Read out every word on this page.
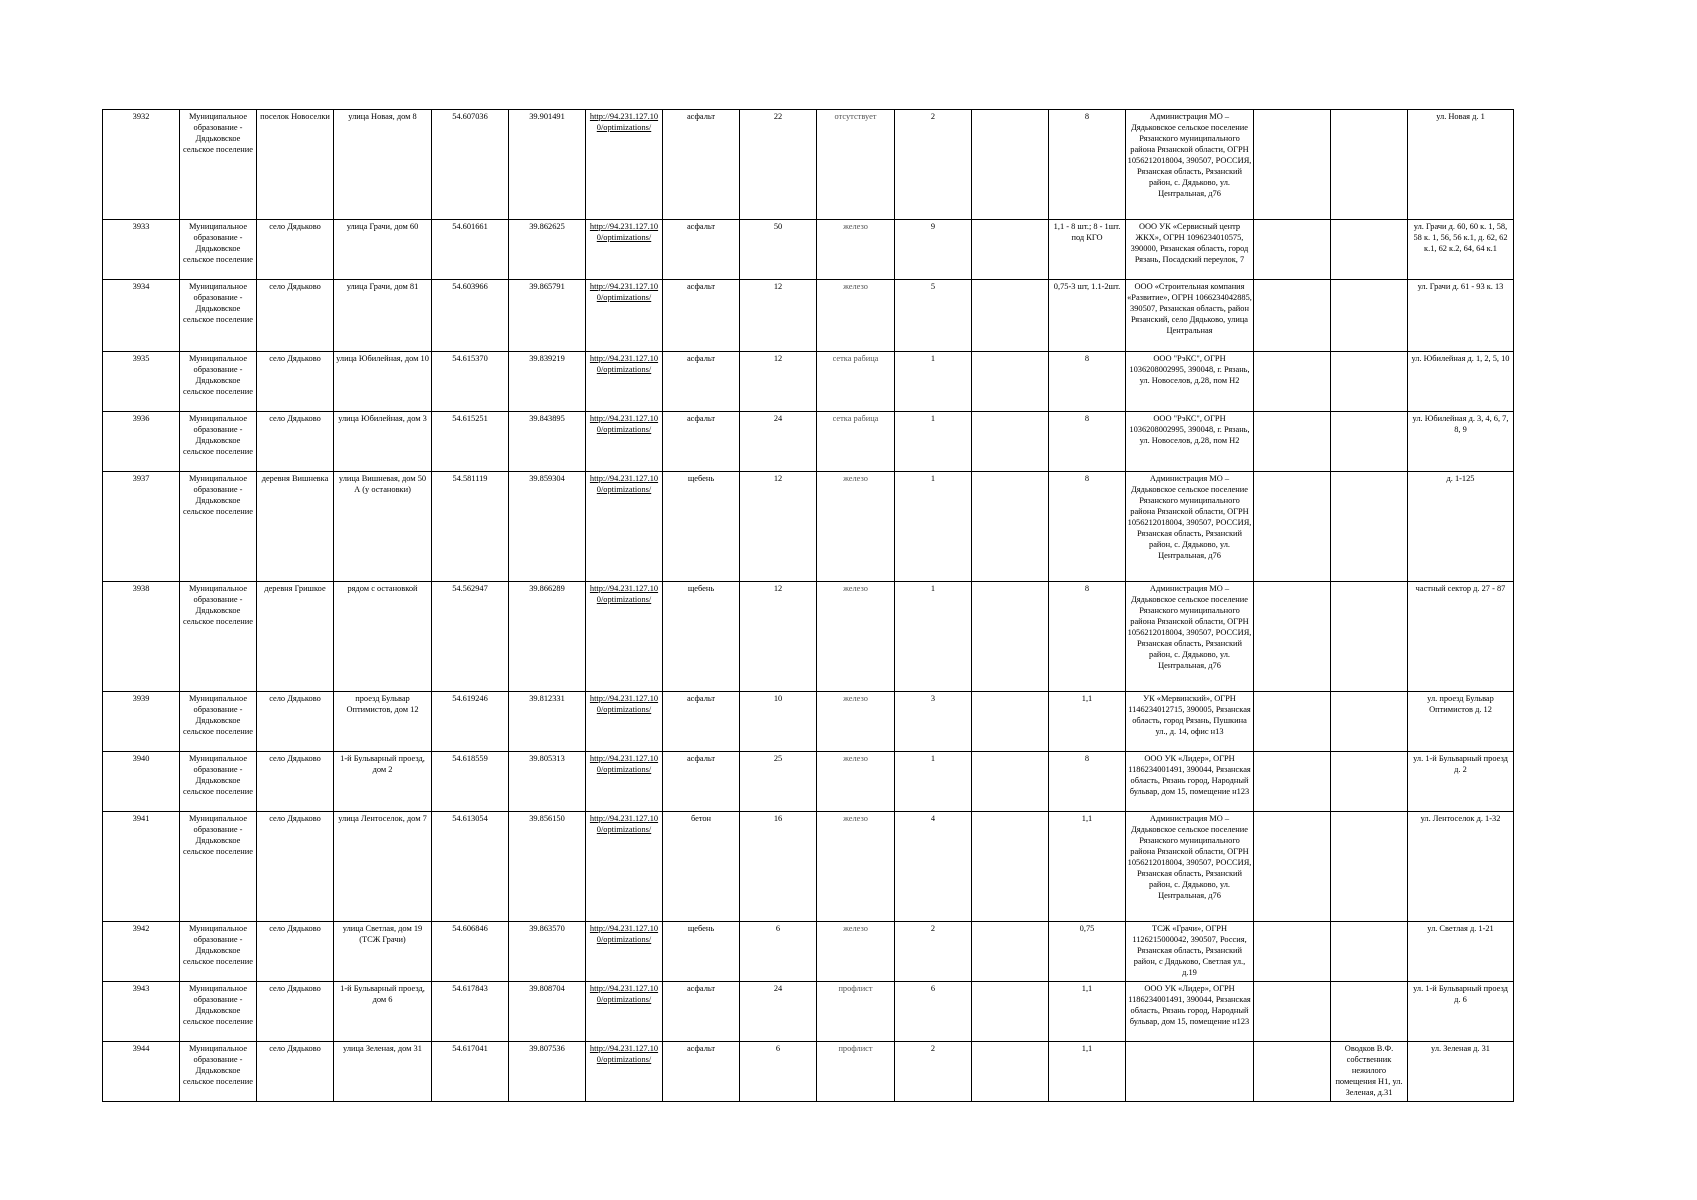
3932	Муниципальное образование - Дядьковское сельское поселение	поселок Новоселки	улица Новая, дом 8	54.607036	39.901491	http://94.231.127.10 0/optimizations/	асфальт	22	отсутствует	2		8	Администрация МО – Дядьковское сельское поселение Рязанского муниципального района Рязанской области, ОГРН 1056212018004, 390507, РОССИЯ, Рязанская область, Рязанский район, с. Дядьково, ул. Центральная, д76			ул. Новая д. 1

3933	Муниципальное образование - Дядьковское сельское поселение	село Дядьково	улица Грачи, дом 60	54.601661	39.862625	http://94.231.127.10 0/optimizations/	асфальт	50	железо	9		1,1 - 8 шт.; 8 - 1шт. под КГО	ООО УК «Сервисный центр ЖКХ», ОГРН 1096234010575, 390000, Рязанская область, город Рязань, Посадский переулок, 7			ул. Грачи д. 60, 60 к. 1, 58, 58 к. 1, 56, 56 к.1, д. 62, 62 к.1, 62 к.2, 64, 64 к.1

3934	Муниципальное образование - Дядьковское сельское поселение	село Дядьково	улица Грачи, дом 81	54.603966	39.865791	http://94.231.127.10 0/optimizations/	асфальт	12	железо	5		0,75-3 шт, 1.1-2шт.	ООО «Строительная компания «Развитие», ОГРН 1066234042885, 390507, Рязанская область, район Рязанский, село Дядьково, улица Центральная			ул. Грачи д. 61 - 93 к. 13

3935	Муниципальное образование - Дядьковское сельское поселение	село Дядьково	улица Юбилейная, дом 10	54.615370	39.839219	http://94.231.127.10 0/optimizations/	асфальт	12	сетка рабица	1		8	ООО "РэКС", ОГРН 1036208002995, 390048, г. Рязань, ул. Новоселов, д.28, пом Н2			ул. Юбилейная д. 1, 2, 5, 10

3936	Муниципальное образование - Дядьковское сельское поселение	село Дядьково	улица Юбилейная, дом 3	54.615251	39.843895	http://94.231.127.10 0/optimizations/	асфальт	24	сетка рабица	1		8	ООО "РэКС", ОГРН 1036208002995, 390048, г. Рязань, ул. Новоселов, д.28, пом Н2			ул. Юбилейная д. 3, 4, 6, 7, 8, 9

3937	Муниципальное образование - Дядьковское сельское поселение	деревня Вишневка	улица Вишневая, дом 50 А (у остановки)	54.581119	39.859304	http://94.231.127.10 0/optimizations/	щебень	12	железо	1		8	Администрация МО – Дядьковское сельское поселение Рязанского муниципального района Рязанской области, ОГРН 1056212018004, 390507, РОССИЯ, Рязанская область, Рязанский район, с. Дядьково, ул. Центральная, д76			д. 1-125

3938	Муниципальное образование - Дядьковское сельское поселение	деревня Гришкое	рядом с остановкой	54.562947	39.866289	http://94.231.127.10 0/optimizations/	щебень	12	железо	1		8	Администрация МО – Дядьковское сельское поселение Рязанского муниципального района Рязанской области, ОГРН 1056212018004, 390507, РОССИЯ, Рязанская область, Рязанский район, с. Дядьково, ул. Центральная, д76			частный сектор д. 27 - 87

3939	Муниципальное образование - Дядьковское сельское поселение	село Дядьково	проезд Бульвар Оптимистов, дом 12	54.619246	39.812331	http://94.231.127.10 0/optimizations/	асфальт	10	железо	3		1,1	УК «Мервинский», ОГРН 1146234012715, 390005, Рязанская область, город Рязань, Пушкина ул., д. 14, офис н13			ул. проезд Бульвар Оптимистов д. 12

3940	Муниципальное образование - Дядьковское сельское поселение	село Дядьково	1-й Бульварный проезд, дом 2	54.618559	39.805313	http://94.231.127.10 0/optimizations/	асфальт	25	железо	1		8	ООО УК «Лидер», ОГРН 1186234001491, 390044, Рязанская область, Рязань город, Народный бульвар, дом 15, помещение н123			ул. 1-й Бульварный проезд д. 2

3941	Муниципальное образование - Дядьковское сельское поселение	село Дядьково	улица Лентоселок, дом 7	54.613054	39.856150	http://94.231.127.10 0/optimizations/	бетон	16	железо	4		1,1	Администрация МО – Дядьковское сельское поселение Рязанского муниципального района Рязанской области, ОГРН 1056212018004, 390507, РОССИЯ, Рязанская область, Рязанский район, с. Дядьково, ул. Центральная, д76			ул. Лентоселок д. 1-32

3942	Муниципальное образование - Дядьковское сельское поселение	село Дядьково	улица Светлая, дом 19 (ТСЖ Грачи)	54.606846	39.863570	http://94.231.127.10 0/optimizations/	щебень	6	железо	2		0,75	ТСЖ «Грачи», ОГРН 1126215000042, 390507, Россия, Рязанская область, Рязанский район, с Дядьково, Светлая ул., д.19			ул. Светлая д. 1-21

3943	Муниципальное образование - Дядьковское сельское поселение	село Дядьково	1-й Бульварный проезд, дом 6	54.617843	39.808704	http://94.231.127.10 0/optimizations/	асфальт	24	профлист	6		1,1	ООО УК «Лидер», ОГРН 1186234001491, 390044, Рязанская область, Рязань город, Народный бульвар, дом 15, помещение н123			ул. 1-й Бульварный проезд д. 6

3944	Муниципальное образование - Дядьковское сельское поселение	село Дядьково	улица Зеленая, дом 31	54.617041	39.807536	http://94.231.127.10 0/optimizations/	асфальт	6	профлист	2		1,1			Оводков В.Ф. собственник нежилого помещения Н1, ул. Зеленая, д.31	ул. Зеленая д. 31
